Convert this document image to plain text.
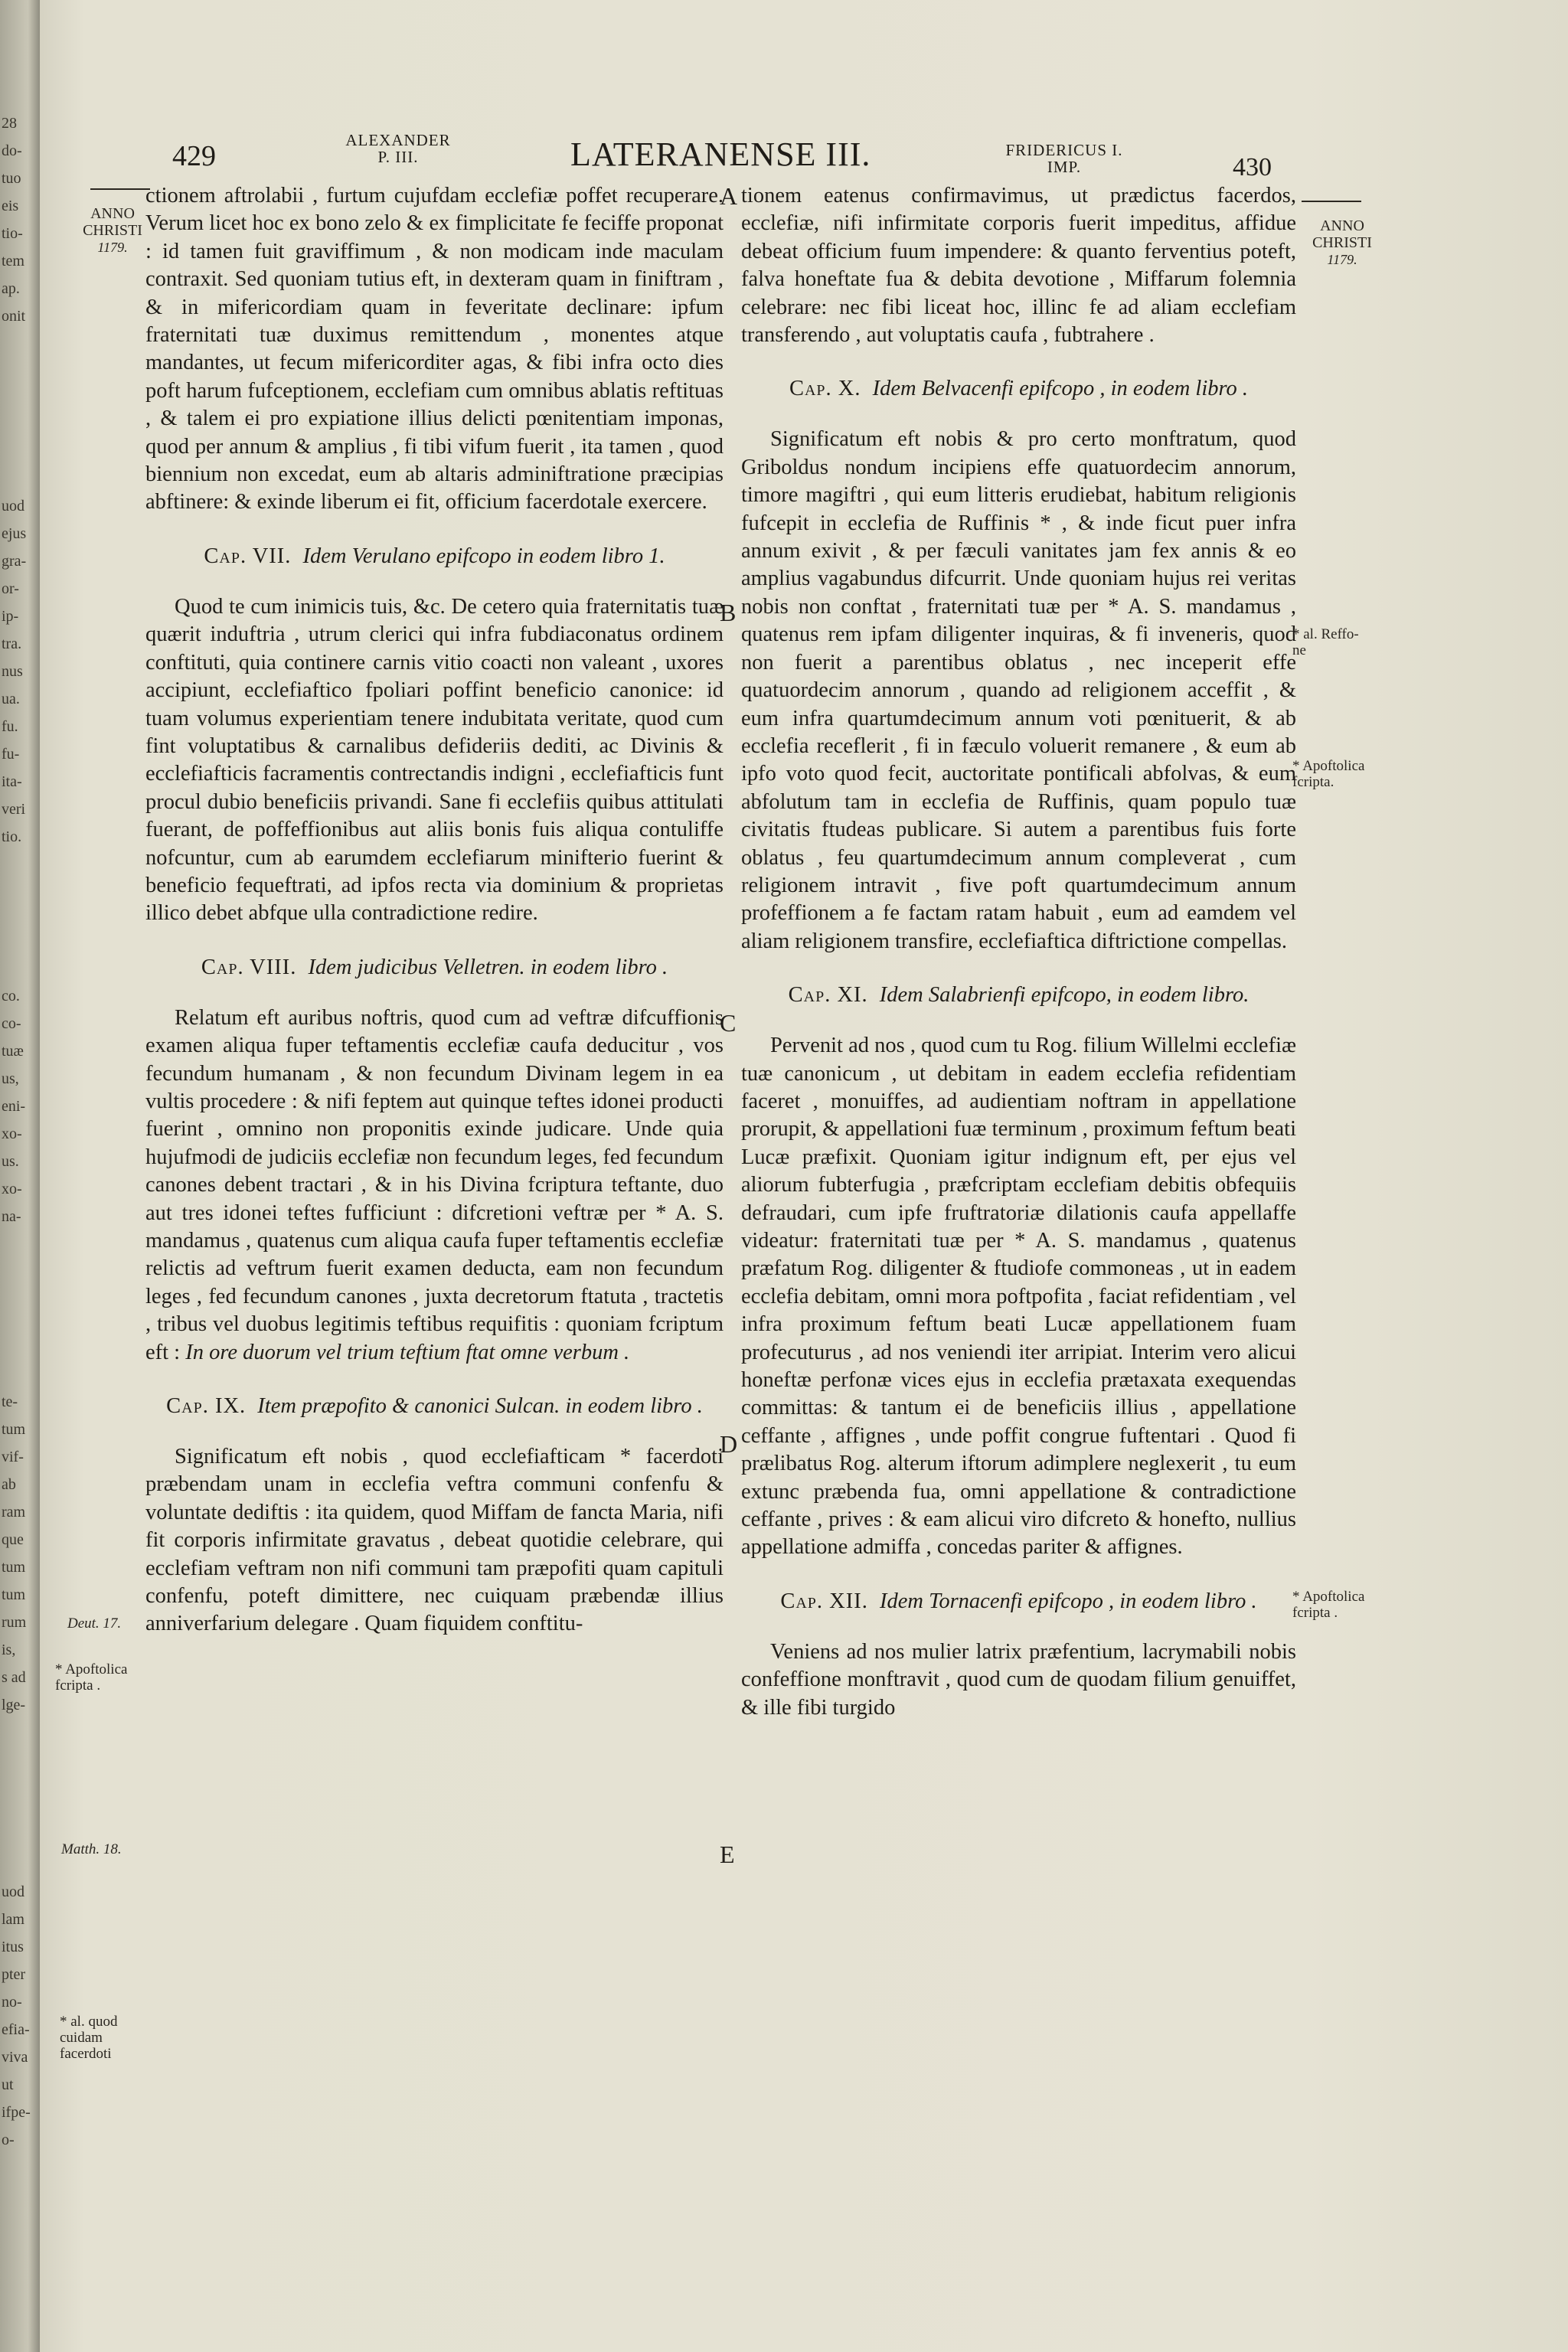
28
do-
tuo
eis
tio-
tem
ap.
onit
uod
ejus
gra-
or-
ip-
tra.
nus
ua.
fu.
fu-
ita-
veri
tio.
co.
co-
tuæ
us,
eni-
xo-
us.
xo-
na-
te-
tum
vif-
ab
ram
que
tum
tum
rum
is,
s ad
lge-
uod
lam
itus
pter
no-
efia-
viva
ut
ifpe-
o-
429	ALEXANDER
P. III.	LATERANENSE III.	FRIDERICUS I.
IMP.	430
ANNO
CHRISTI
1179.
Deut. 17.
* Apoftolica fcripta .
Matth. 18.
* al. quod cuidam facerdoti
ANNO
CHRISTI
1179.
* al. Reffo-ne
* Apoftolica fcripta.
* Apoftolica fcripta .
A
B
C
D
E

ctionem aftrolabii , furtum cujufdam ecclefiæ poffet recuperare. Verum licet hoc ex bono zelo & ex fimplicitate fe feciffe proponat : id tamen fuit graviffimum , & non modicam inde maculam contraxit. Sed quoniam tutius eft, in dexteram quam in finiftram , & in mifericordiam quam in feveritate declinare: ipfum fraternitati tuæ duximus remittendum , monentes atque mandantes, ut fecum mifericorditer agas, & fibi infra octo dies poft harum fufceptionem, ecclefiam cum omnibus ablatis reftituas , & talem ei pro expiatione illius delicti pœnitentiam imponas, quod per annum & amplius , fi tibi vifum fuerit , ita tamen , quod biennium non excedat, eum ab altaris adminiftratione præcipias abftinere: & exinde liberum ei fit, officium facerdotale exercere.

Cap. VII. Idem Verulano epifcopo in eodem libro 1.

Quod te cum inimicis tuis, &c. De cetero quia fraternitatis tuæ quærit induftria , utrum clerici qui infra fubdiaconatus ordinem conftituti, quia continere carnis vitio coacti non valeant , uxores accipiunt, ecclefiaftico fpoliari poffint beneficio canonice: id tuam volumus experientiam tenere indubitata veritate, quod cum fint voluptatibus & carnalibus defideriis dediti, ac Divinis & ecclefiafticis facramentis contrectandis indigni , ecclefiafticis funt procul dubio beneficiis privandi. Sane fi ecclefiis quibus attitulati fuerant, de poffeffionibus aut aliis bonis fuis aliqua contuliffe nofcuntur, cum ab earumdem ecclefiarum minifterio fuerint & beneficio fequeftrati, ad ipfos recta via dominium & proprietas illico debet abfque ulla contradictione redire.

Cap. VIII. Idem judicibus Velletren. in eodem libro .

Relatum eft auribus noftris, quod cum ad veftræ difcuffionis examen aliqua fuper teftamentis ecclefiæ caufa deducitur , vos fecundum humanam , & non fecundum Divinam legem in ea vultis procedere : & nifi feptem aut quinque teftes idonei producti fuerint , omnino non proponitis exinde judicare. Unde quia hujufmodi de judiciis ecclefiæ non fecundum leges, fed fecundum canones debent tractari , & in his Divina fcriptura teftante, duo aut tres idonei teftes fufficiunt : difcretioni veftræ per * A. S. mandamus , quatenus cum aliqua caufa fuper teftamentis ecclefiæ relictis ad veftrum fuerit examen deducta, eam non fecundum leges , fed fecundum canones , juxta decretorum ftatuta , tractetis , tribus vel duobus legitimis teftibus requifitis : quoniam fcriptum eft : In ore duorum vel trium teftium ftat omne verbum .

Cap. IX. Item præpofito & canonici Sulcan. in eodem libro .

Significatum eft nobis , quod ecclefiafticam * facerdoti præbendam unam in ecclefia veftra communi confenfu & voluntate dediftis : ita quidem, quod Miffam de fancta Maria, nifi fit corporis infirmitate gravatus , debeat quotidie celebrare, qui ecclefiam veftram non nifi communi tam præpofiti quam capituli confenfu, poteft dimittere, nec cuiquam præbendæ illius anniverfarium delegare . Quam fiquidem conftitu-

tionem eatenus confirmavimus, ut prædictus facerdos, ecclefiæ, nifi infirmitate corporis fuerit impeditus, affidue debeat officium fuum impendere: & quanto ferventius poteft, falva honeftate fua & debita devotione , Miffarum folemnia celebrare: nec fibi liceat hoc, illinc fe ad aliam ecclefiam transferendo , aut voluptatis caufa , fubtrahere .

Cap. X. Idem Belvacenfi epifcopo , in eodem libro .

Significatum eft nobis & pro certo monftratum, quod Griboldus nondum incipiens effe quatuordecim annorum, timore magiftri , qui eum litteris erudiebat, habitum religionis fufcepit in ecclefia de Ruffinis * , & inde ficut puer infra annum exivit , & per fæculi vanitates jam fex annis & eo amplius vagabundus difcurrit. Unde quoniam hujus rei veritas nobis non conftat , fraternitati tuæ per * A. S. mandamus , quatenus rem ipfam diligenter inquiras, & fi inveneris, quod non fuerit a parentibus oblatus , nec inceperit effe quatuordecim annorum , quando ad religionem acceffit , & eum infra quartumdecimum annum voti pœnituerit, & ab ecclefia receflerit , fi in fæculo voluerit remanere , & eum ab ipfo voto quod fecit, auctoritate pontificali abfolvas, & eum abfolutum tam in ecclefia de Ruffinis, quam populo tuæ civitatis ftudeas publicare. Si autem a parentibus fuis forte oblatus , feu quartumdecimum annum compleverat , cum religionem intravit , five poft quartumdecimum annum profeffionem a fe factam ratam habuit , eum ad eamdem vel aliam religionem transfire, ecclefiaftica diftrictione compellas.

Cap. XI. Idem Salabrienfi epifcopo, in eodem libro.

Pervenit ad nos , quod cum tu Rog. filium Willelmi ecclefiæ tuæ canonicum , ut debitam in eadem ecclefia refidentiam faceret , monuiffes, ad audientiam noftram in appellatione prorupit, & appellationi fuæ terminum , proximum feftum beati Lucæ præfixit. Quoniam igitur indignum eft, per ejus vel aliorum fubterfugia , præfcriptam ecclefiam debitis obfequiis defraudari, cum ipfe fruftratoriæ dilationis caufa appellaffe videatur: fraternitati tuæ per * A. S. mandamus , quatenus præfatum Rog. diligenter & ftudiofe commoneas , ut in eadem ecclefia debitam, omni mora poftpofita , faciat refidentiam , vel infra proximum feftum beati Lucæ appellationem fuam profecuturus , ad nos veniendi iter arripiat. Interim vero alicui honeftæ perfonæ vices ejus in ecclefia prætaxata exequendas committas: & tantum ei de beneficiis illius , appellatione ceffante , affignes , unde poffit congrue fuftentari . Quod fi prælibatus Rog. alterum iftorum adimplere neglexerit , tu eum extunc præbenda fua, omni appellatione & contradictione ceffante , prives : & eam alicui viro difcreto & honefto, nullius appellatione admiffa , concedas pariter & affignes.

Cap. XII. Idem Tornacenfi epifcopo , in eodem libro .

Veniens ad nos mulier latrix præfentium, lacrymabili nobis confeffione monftravit , quod cum de quodam filium genuiffet, & ille fibi turgido
